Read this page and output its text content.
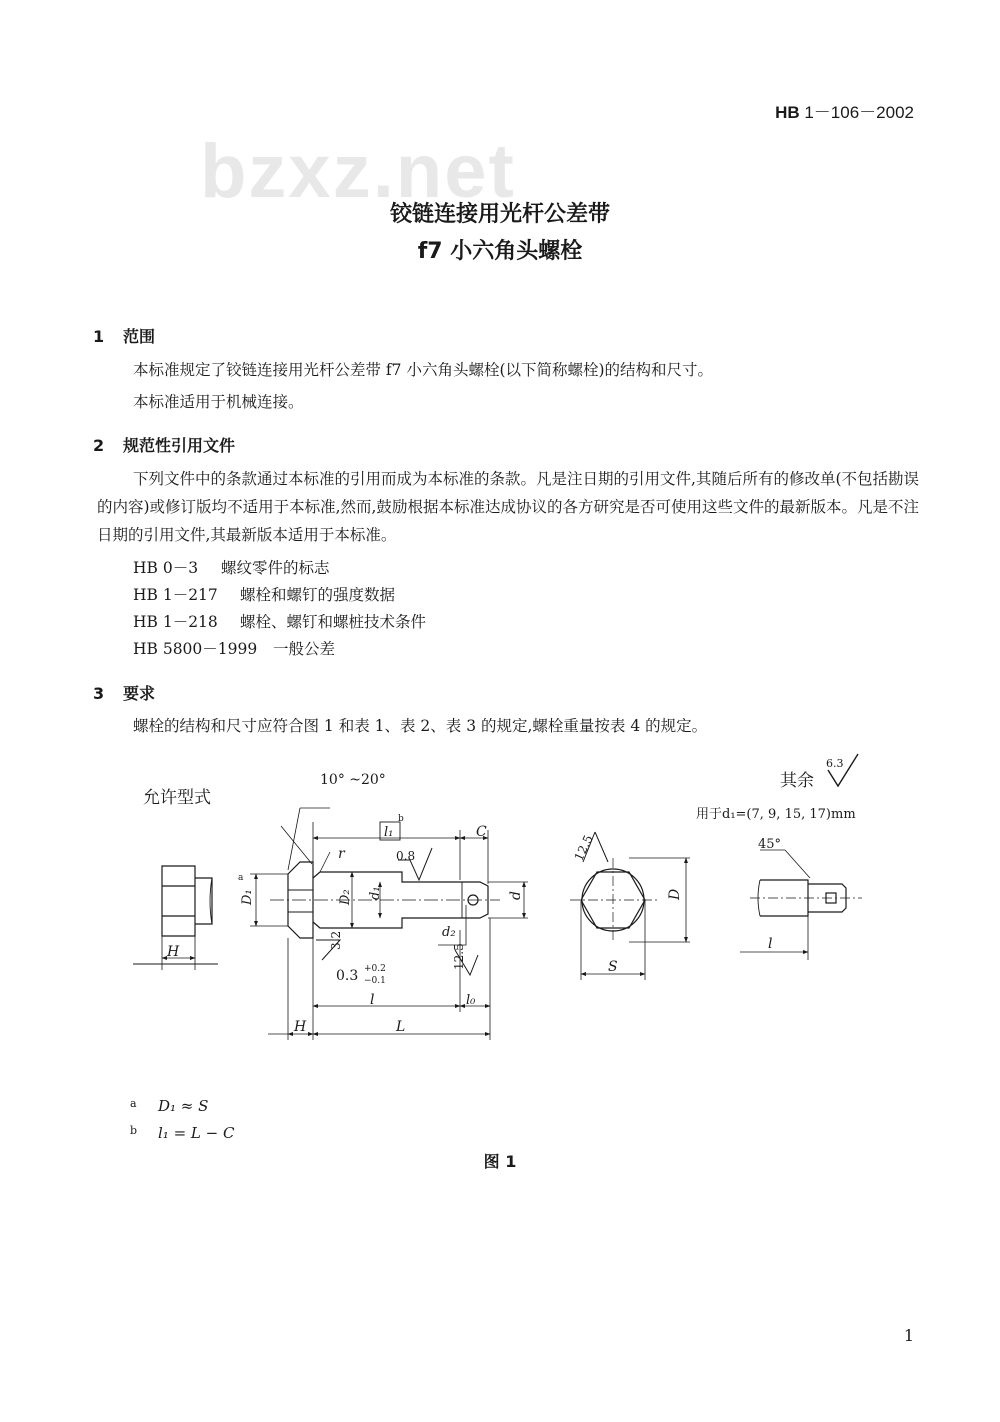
HB 1－106－2002
bzxz.net
铰链连接用光杆公差带
f7 小六角头螺栓
1 范围
本标准规定了铰链连接用光杆公差带 f7 小六角头螺栓(以下简称螺栓)的结构和尺寸。
本标准适用于机械连接。
2 规范性引用文件
下列文件中的条款通过本标准的引用而成为本标准的条款。凡是注日期的引用文件,其随后所有的修改单(不包括勘误的内容)或修订版均不适用于本标准,然而,鼓励根据本标准达成协议的各方研究是否可使用这些文件的最新版本。凡是不注日期的引用文件,其最新版本适用于本标准。
HB 0－3 螺纹零件的标志
HB 1－217 螺栓和螺钉的强度数据
HB 1－218 螺栓、螺钉和螺桩技术条件
HB 5800－1999 一般公差
3 要求
螺栓的结构和尺寸应符合图 1 和表 1、表 2、表 3 的规定,螺栓重量按表 4 的规定。
允许型式
H
10° ~20°
l₁
b
C
r	0.8
D₁
a
D₂ d₁	d
d₂
3.2
12.5
0.3 +0.2
−0.1
l	l₀
H	L
12.5
D
S
其余
6.3
用于d₁=(7, 9, 15, 17)mm
45°
l
a D₁ ≈ S
b l₁ = L − C
图 1
1
